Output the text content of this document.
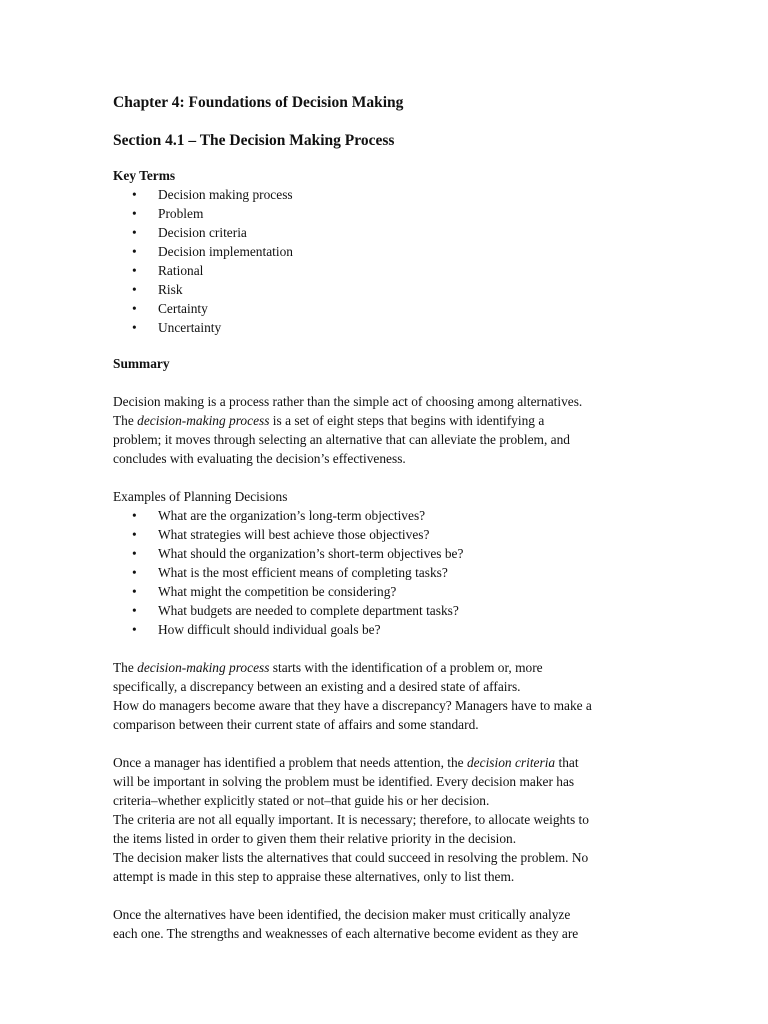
Chapter 4: Foundations of Decision Making
Section 4.1 – The Decision Making Process
Key Terms
• Decision making process
• Problem
• Decision criteria
• Decision implementation
• Rational
• Risk
• Certainty
• Uncertainty
Summary

Decision making is a process rather than the simple act of choosing among alternatives.

The decision-making process is a set of eight steps that begins with identifying a

problem; it moves through selecting an alternative that can alleviate the problem, and

concludes with evaluating the decision’s effectiveness.

Examples of Planning Decisions
• What are the organization’s long-term objectives?
• What strategies will best achieve those objectives?
• What should the organization’s short-term objectives be?
• What is the most efficient means of completing tasks?
• What might the competition be considering?
• What budgets are needed to complete department tasks?
• How difficult should individual goals be?

The decision-making process starts with the identification of a problem or, more

specifically, a discrepancy between an existing and a desired state of affairs.

How do managers become aware that they have a discrepancy? Managers have to make a

comparison between their current state of affairs and some standard.

Once a manager has identified a problem that needs attention, the decision criteria that

will be important in solving the problem must be identified. Every decision maker has

criteria–whether explicitly stated or not–that guide his or her decision.

The criteria are not all equally important. It is necessary; therefore, to allocate weights to

the items listed in order to given them their relative priority in the decision.

The decision maker lists the alternatives that could succeed in resolving the problem. No

attempt is made in this step to appraise these alternatives, only to list them.

Once the alternatives have been identified, the decision maker must critically analyze

each one. The strengths and weaknesses of each alternative become evident as they are
